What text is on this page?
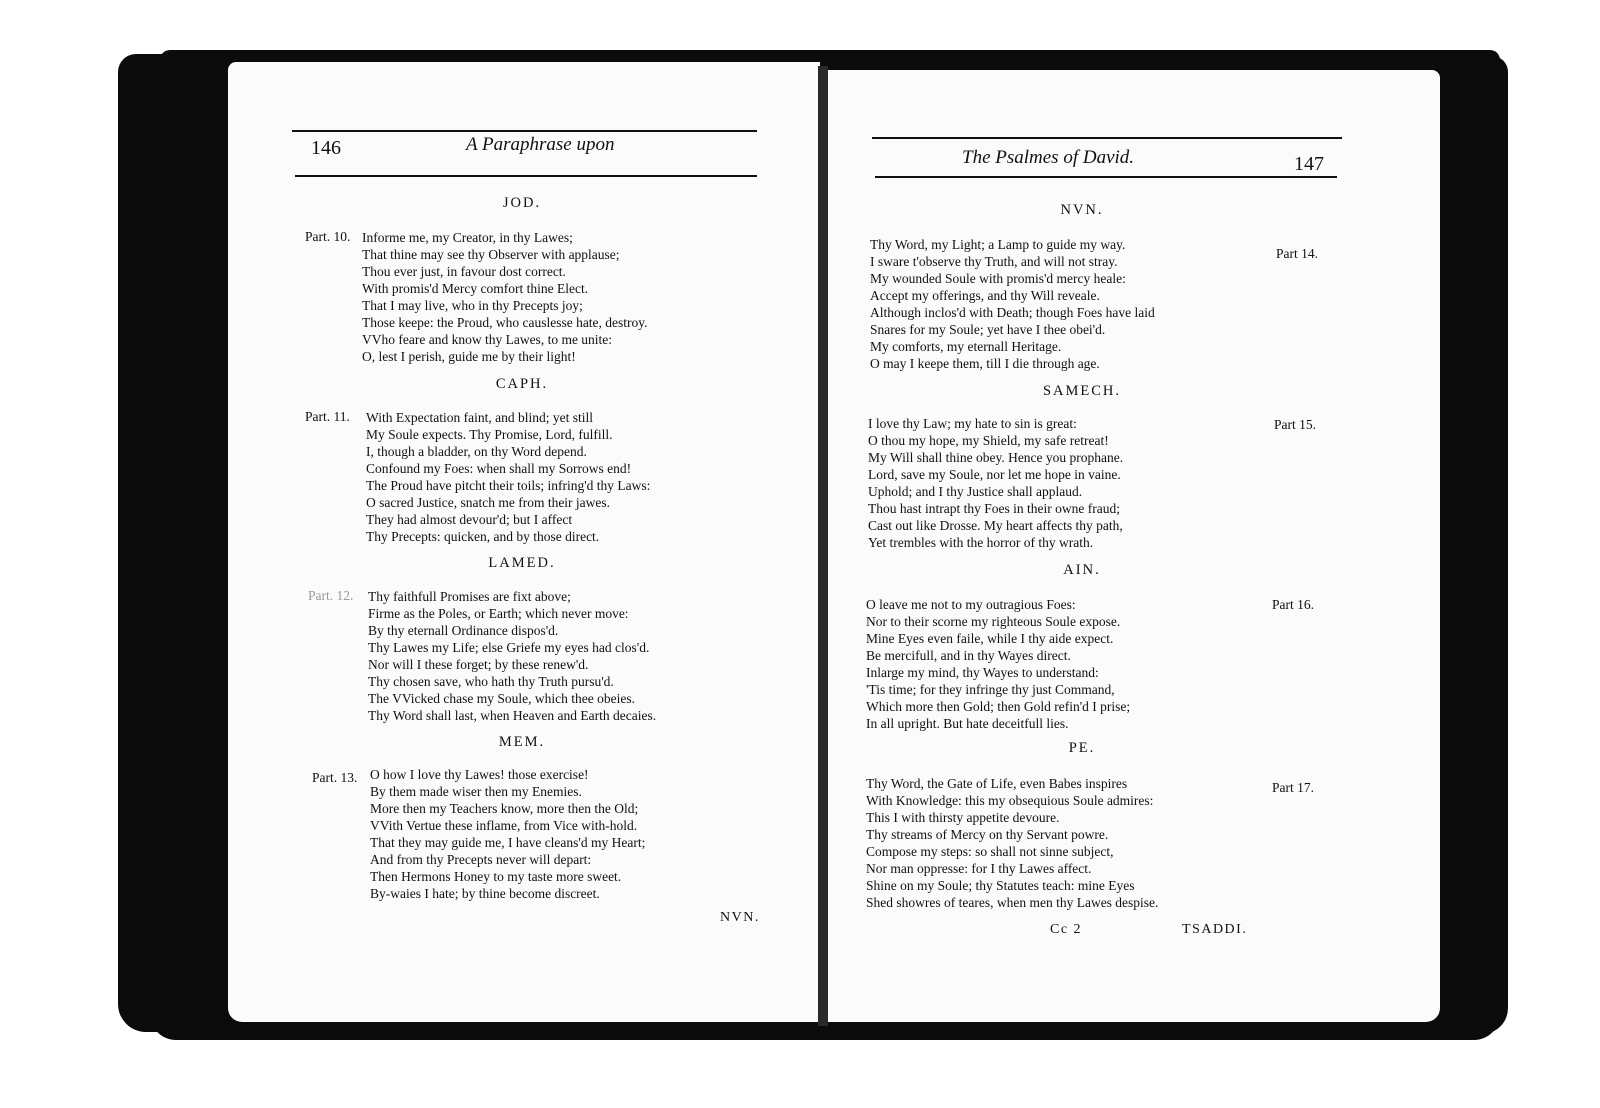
146	A Paraphrase upon
JOD.
Part. 10. Informe me, my Creator, in thy Lawes;
That thine may see thy Observer with applause;
Thou ever just, in favour dost correct.
With promis'd Mercy comfort thine Elect.
That I may live, who in thy Precepts joy;
Those keepe: the Proud, who causlesse hate, destroy.
VVho feare and know thy Lawes, to me unite:
O, lest I perish, guide me by their light!
CAPH.
Part. 11. With Expectation faint, and blind; yet still
My Soule expects. Thy Promise, Lord, fulfill.
I, though a bladder, on thy Word depend.
Confound my Foes: when shall my Sorrows end!
The Proud have pitcht their toils; infring'd thy Laws:
O sacred Justice, snatch me from their jawes.
They had almost devour'd; but I affect
Thy Precepts: quicken, and by those direct.
LAMED.
Part. 12. Thy faithfull Promises are fixt above;
Firme as the Poles, or Earth; which never move:
By thy eternall Ordinance dispos'd.
Thy Lawes my Life; else Griefe my eyes had clos'd.
Nor will I these forget; by these renew'd.
Thy chosen save, who hath thy Truth pursu'd.
The VVicked chase my Soule, which thee obeies.
Thy Word shall last, when Heaven and Earth decaies.
MEM.
Part. 13. O how I love thy Lawes! those exercise!
By them made wiser then my Enemies.
More then my Teachers know, more then the Old;
VVith Vertue these inflame, from Vice with-hold.
That they may guide me, I have cleans'd my Heart;
And from thy Precepts never will depart:
Then Hermons Honey to my taste more sweet.
By-waies I hate; by thine become discreet.
NVN.
The Psalmes of David.	147
NVN.
Thy Word, my Light; a Lamp to guide my way.
I sware t'observe thy Truth, and will not stray.
My wounded Soule with promis'd mercy heale:
Accept my offerings, and thy Will reveale.
Although inclos'd with Death; though Foes have laid
Snares for my Soule; yet have I thee obei'd.
My comforts, my eternall Heritage.
O may I keepe them, till I die through age.
Part 14.
SAMECH.
I love thy Law; my hate to sin is great:
O thou my hope, my Shield, my safe retreat!
My Will shall thine obey. Hence you prophane.
Lord, save my Soule, nor let me hope in vaine.
Uphold; and I thy Justice shall applaud.
Thou hast intrapt thy Foes in their owne fraud;
Cast out like Drosse. My heart affects thy path,
Yet trembles with the horror of thy wrath.
Part 15.
AIN.
O leave me not to my outragious Foes:
Nor to their scorne my righteous Soule expose.
Mine Eyes even faile, while I thy aide expect.
Be mercifull, and in thy Wayes direct.
Inlarge my mind, thy Wayes to understand:
'Tis time; for they infringe thy just Command,
Which more then Gold; then Gold refin'd I prise;
In all upright. But hate deceitfull lies.
Part 16.
PE.
Thy Word, the Gate of Life, even Babes inspires
With Knowledge: this my obsequious Soule admires:
This I with thirsty appetite devoure.
Thy streams of Mercy on thy Servant powre.
Compose my steps: so shall not sinne subject,
Nor man oppresse: for I thy Lawes affect.
Shine on my Soule; thy Statutes teach: mine Eyes
Shed showres of teares, when men thy Lawes despise.
Part 17.
Cc 2	TSADDI.
